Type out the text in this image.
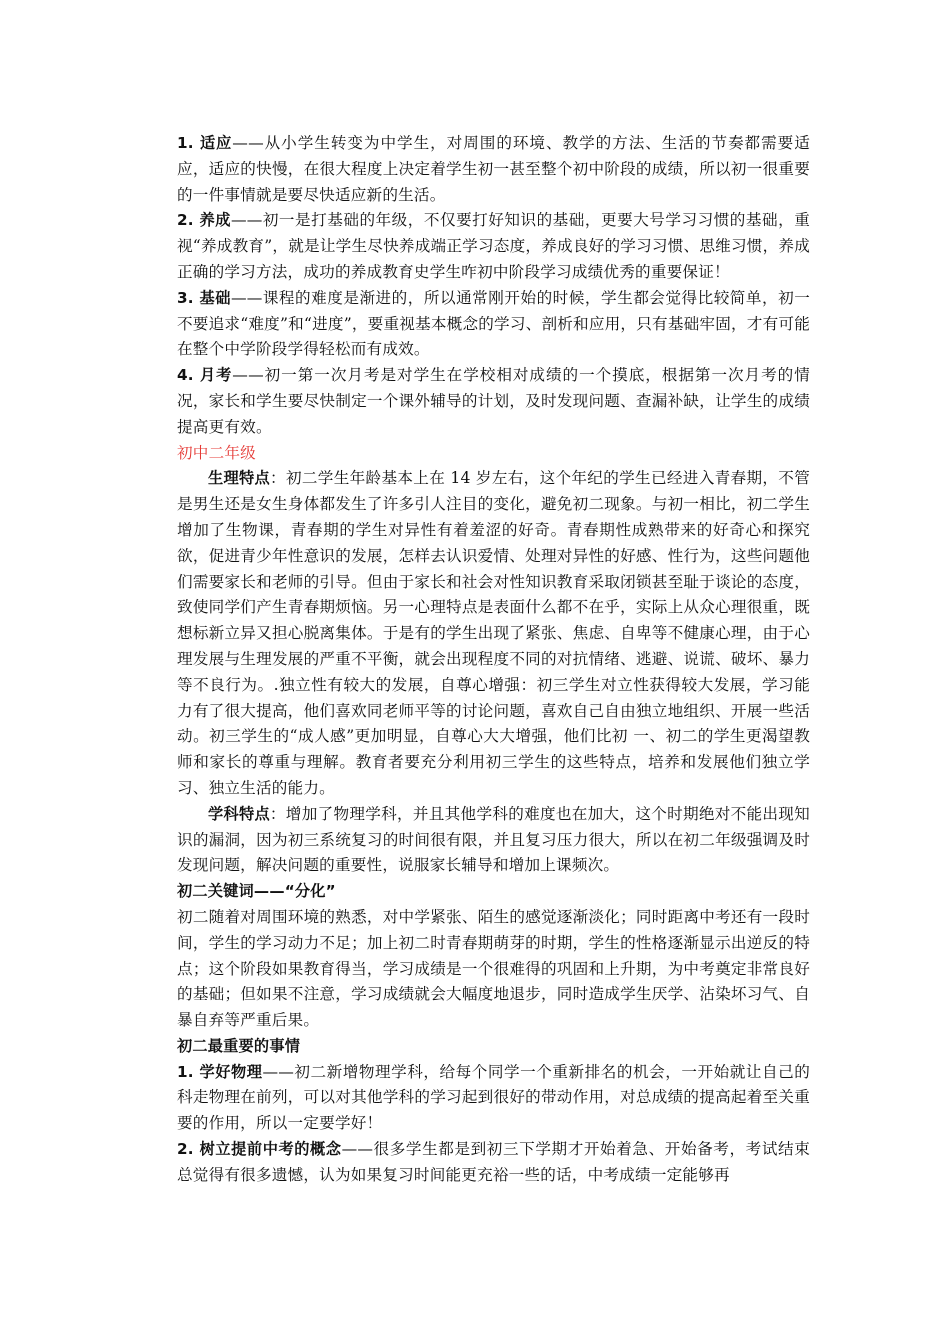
1. 适应——从小学生转变为中学生，对周围的环境、教学的方法、生活的节奏都需要适应，适应的快慢，在很大程度上决定着学生初一甚至整个初中阶段的成绩，所以初一很重要的一件事情就是要尽快适应新的生活。

2. 养成——初一是打基础的年级，不仅要打好知识的基础，更要大号学习习惯的基础，重视“养成教育”，就是让学生尽快养成端正学习态度，养成良好的学习习惯、思维习惯，养成正确的学习方法，成功的养成教育史学生咋初中阶段学习成绩优秀的重要保证！

3. 基础——课程的难度是渐进的，所以通常刚开始的时候，学生都会觉得比较简单，初一不要追求“难度”和“进度”，要重视基本概念的学习、剖析和应用，只有基础牢固，才有可能在整个中学阶段学得轻松而有成效。

4. 月考——初一第一次月考是对学生在学校相对成绩的一个摸底，根据第一次月考的情况，家长和学生要尽快制定一个课外辅导的计划，及时发现问题、查漏补缺，让学生的成绩提高更有效。

初中二年级

生理特点：初二学生年龄基本上在 14 岁左右，这个年纪的学生已经进入青春期，不管是男生还是女生身体都发生了许多引人注目的变化，避免初二现象。与初一相比，初二学生增加了生物课，青春期的学生对异性有着羞涩的好奇。青春期性成熟带来的好奇心和探究欲，促进青少年性意识的发展，怎样去认识爱情、处理对异性的好感、性行为，这些问题他们需要家长和老师的引导。但由于家长和社会对性知识教育采取闭锁甚至耻于谈论的态度，致使同学们产生青春期烦恼。另一心理特点是表面什么都不在乎，实际上从众心理很重，既想标新立异又担心脱离集体。于是有的学生出现了紧张、焦虑、自卑等不健康心理，由于心理发展与生理发展的严重不平衡，就会出现程度不同的对抗情绪、逃避、说谎、破坏、暴力等不良行为。.独立性有较大的发展，自尊心增强：初三学生对立性获得较大发展，学习能力有了很大提高，他们喜欢同老师平等的讨论问题，喜欢自己自由独立地组织、开展一些活动。初三学生的“成人感”更加明显，自尊心大大增强，他们比初 一、初二的学生更渴望教师和家长的尊重与理解。教育者要充分利用初三学生的这些特点，培养和发展他们独立学习、独立生活的能力。

学科特点：增加了物理学科，并且其他学科的难度也在加大，这个时期绝对不能出现知识的漏洞，因为初三系统复习的时间很有限，并且复习压力很大，所以在初二年级强调及时发现问题，解决问题的重要性，说服家长辅导和增加上课频次。

初二关键词——“分化”

初二随着对周围环境的熟悉，对中学紧张、陌生的感觉逐渐淡化；同时距离中考还有一段时间，学生的学习动力不足；加上初二时青春期萌芽的时期，学生的性格逐渐显示出逆反的特点；这个阶段如果教育得当，学习成绩是一个很难得的巩固和上升期，为中考奠定非常良好的基础；但如果不注意，学习成绩就会大幅度地退步，同时造成学生厌学、沾染坏习气、自暴自弃等严重后果。

初二最重要的事情

1. 学好物理——初二新增物理学科，给每个同学一个重新排名的机会，一开始就让自己的科走物理在前列，可以对其他学科的学习起到很好的带动作用，对总成绩的提高起着至关重要的作用，所以一定要学好！

2. 树立提前中考的概念——很多学生都是到初三下学期才开始着急、开始备考，考试结束总觉得有很多遗憾，认为如果复习时间能更充裕一些的话，中考成绩一定能够再
